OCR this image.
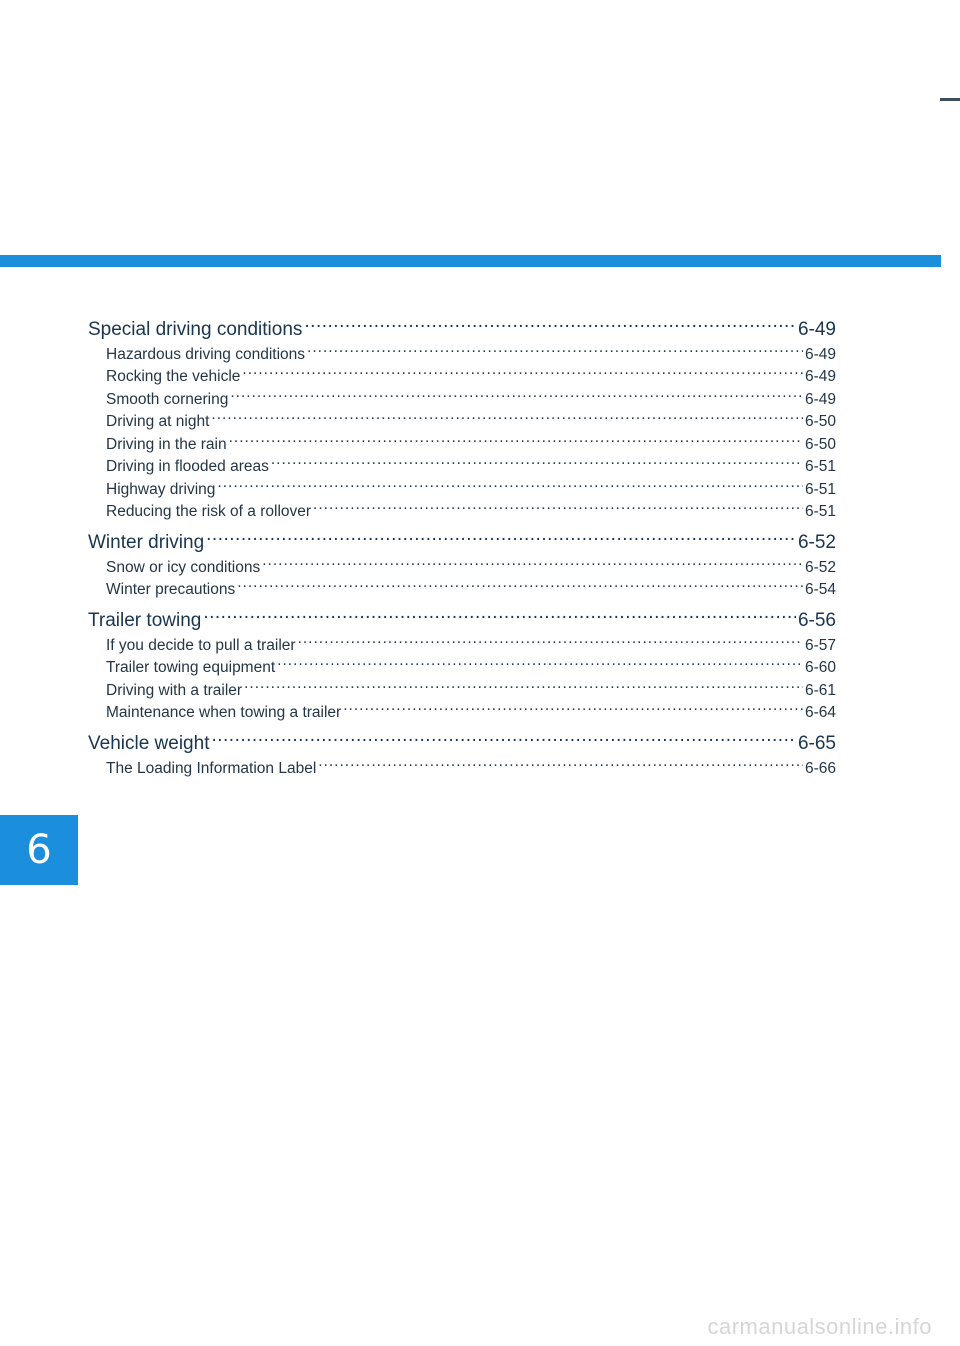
Special driving conditions .....	6-49
Hazardous driving conditions .....	6-49
Rocking the vehicle .....	6-49
Smooth cornering .....	6-49
Driving at night .....	6-50
Driving in the rain .....	6-50
Driving in flooded areas .....	6-51
Highway driving .....	6-51
Reducing the risk of a rollover .....	6-51
Winter driving .....	6-52
Snow or icy conditions .....	6-52
Winter precautions .....	6-54
Trailer towing .....	6-56
If you decide to pull a trailer .....	6-57
Trailer towing equipment .....	6-60
Driving with a trailer .....	6-61
Maintenance when towing a trailer .....	6-64
Vehicle weight .....	6-65
The Loading Information Label .....	6-66
6
carmanualsonline.info
